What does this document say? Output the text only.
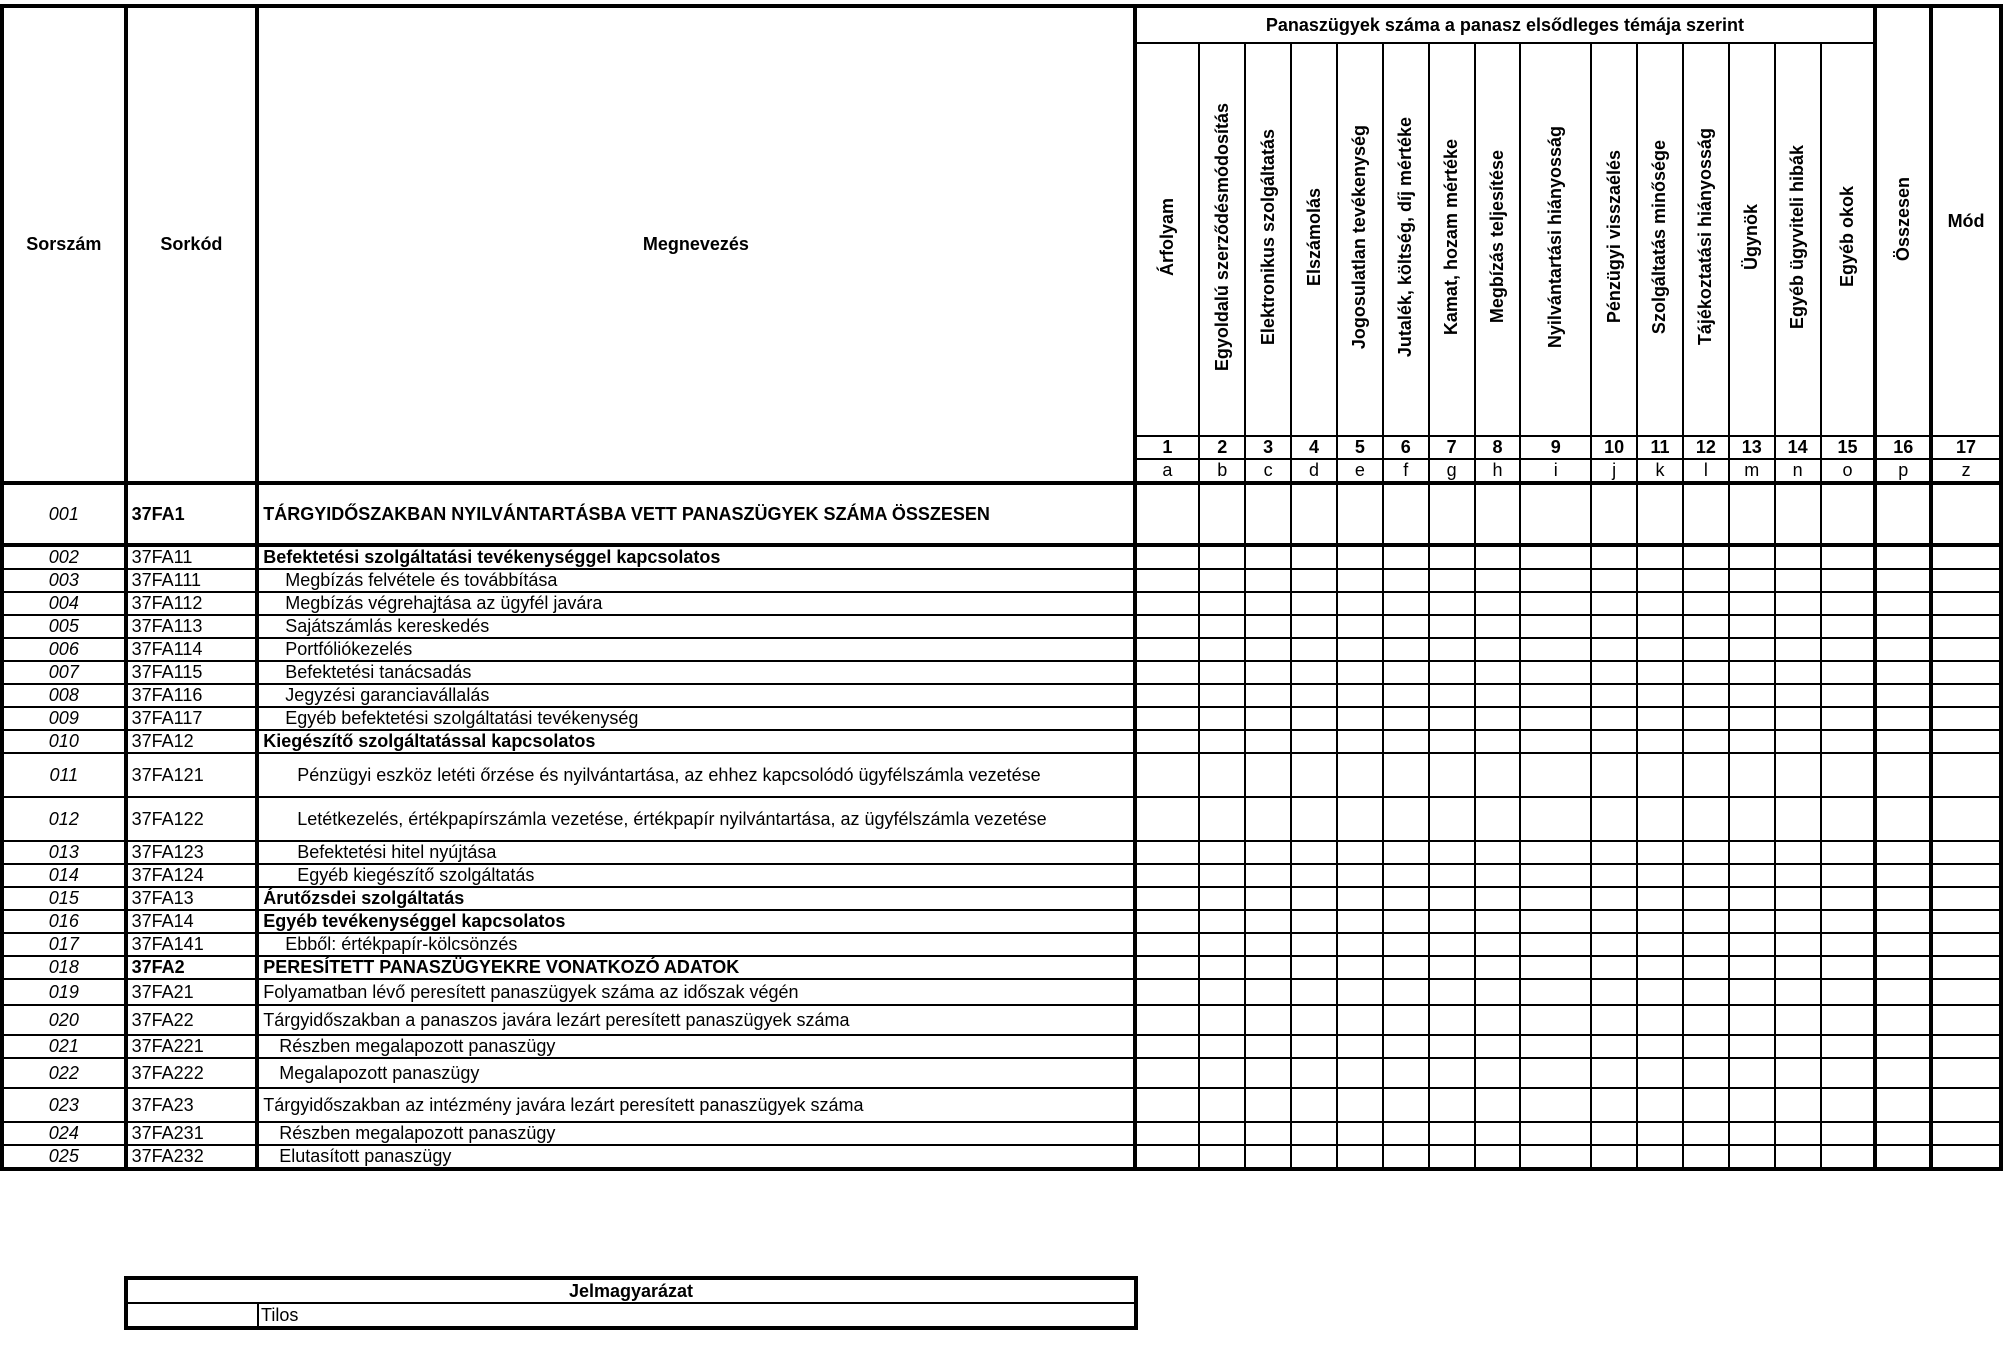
Sorszám	Sorkód	Megnevezés	Panaszügyek száma a panasz elsődleges témája szerint															Összesen	Mód
			Árfolyam	Egyoldalú szerződésmódosítás	Elektronikus szolgáltatás	Elszámolás	Jogosulatlan tevékenység	Jutalék, költség, díj mértéke	Kamat, hozam mértéke	Megbízás teljesítése	Nyilvántartási hiányosság	Pénzügyi visszaélés	Szolgáltatás minősége	Tájékoztatási hiányosság	Ügynök	Egyéb ügyviteli hibák	Egyéb okok		
			1	2	3	4	5	6	7	8	9	10	11	12	13	14	15	16	17
			a	b	c	d	e	f	g	h	i	j	k	l	m	n	o	p	z
001	37FA1	TÁRGYIDŐSZAKBAN NYILVÁNTARTÁSBA VETT PANASZÜGYEK SZÁMA ÖSSZESEN																	
002	37FA11	Befektetési szolgáltatási tevékenységgel kapcsolatos																	
003	37FA111	Megbízás felvétele és továbbítása																	
004	37FA112	Megbízás végrehajtása az ügyfél javára																	
005	37FA113	Sajátszámlás kereskedés																	
006	37FA114	Portfóliókezelés																	
007	37FA115	Befektetési tanácsadás																	
008	37FA116	Jegyzési garanciavállalás																	
009	37FA117	Egyéb befektetési szolgáltatási tevékenység																	
010	37FA12	Kiegészítő szolgáltatással kapcsolatos																	
011	37FA121	Pénzügyi eszköz letéti őrzése és nyilvántartása, az ehhez kapcsolódó ügyfélszámla vezetése																	
012	37FA122	Letétkezelés, értékpapírszámla vezetése, értékpapír nyilvántartása, az ügyfélszámla vezetése																	
013	37FA123	Befektetési hitel nyújtása																	
014	37FA124	Egyéb kiegészítő szolgáltatás																	
015	37FA13	Árutőzsdei szolgáltatás																	
016	37FA14	Egyéb tevékenységgel kapcsolatos																	
017	37FA141	Ebből: értékpapír-kölcsönzés																	
018	37FA2	PERESÍTETT PANASZÜGYEKRE VONATKOZÓ ADATOK																	
019	37FA21	Folyamatban lévő peresített panaszügyek száma az időszak végén																	
020	37FA22	Tárgyidőszakban a panaszos javára lezárt peresített panaszügyek száma																	
021	37FA221	Részben megalapozott panaszügy																	
022	37FA222	Megalapozott panaszügy																	
023	37FA23	Tárgyidőszakban az intézmény javára lezárt peresített panaszügyek száma																	
024	37FA231	Részben megalapozott panaszügy																	
025	37FA232	Elutasított panaszügy																	
Jelmagyarázat
	Tilos
